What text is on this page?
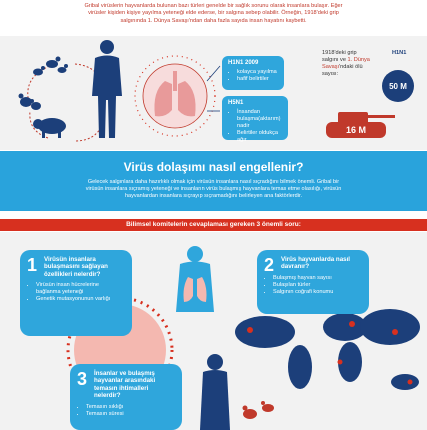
Gribal virüslerin hayvanlarda bulunan bazı türleri genelde bir sağlık sorunu olarak insanlara bulaşır. Eğer
virüsler kişiden kişiye yayılma yeteneği elde ederse, bir salgına sebep olabilir. Örneğin, 1918'deki grip
salgınında 1. Dünya Savaşı'ndan daha fazla sayıda insan hayatını kaybetti.
16 M
50 M
H1N1 2009
• kolayca yayılma
• hafif belirtiler
H5N1
• İnsandan bulaşma(aktarım) nadir
• Belirtiler oldukça ağır
1918'deki grip
salgını ve 1. Dünya
Savaşı'ndaki ölü
sayısı:
H1N1
Virüs dolaşımı nasıl engellenir?

Gelecek salgınlara daha hazırlıklı olmak için virüsün insanlara nasıl sıçradığını bilmek önemli. Gribal bir
virüsün insanlara sıçramış yeteneği ve insanların virüs bulaşmış hayvanlara temas etme olasılığı, virüsün
hayvanlardan insanlara sıçrayıp sıçramadığını belirleyen ana faktörlerdir.

Bilimsel komitelerin cevaplaması gereken 3 önemli soru:
1 Virüsün insanlara bulaşmasını sağlayan özellikleri nelerdir?
• Virüsün insan hücrelerine bağlanma yeteneği
• Genetik mutasyonunun varlığı
2 Virüs hayvanlarda nasıl davranır?
• Bulaşmış hayvan sayısı
• Bulaşılan türler
• Salgının coğrafi konumu
3 İnsanlar ve bulaşmış hayvanlar arasındaki temasın ihtimalleri nelerdir?
• Temasın sıklığı
• Temasın süresi
